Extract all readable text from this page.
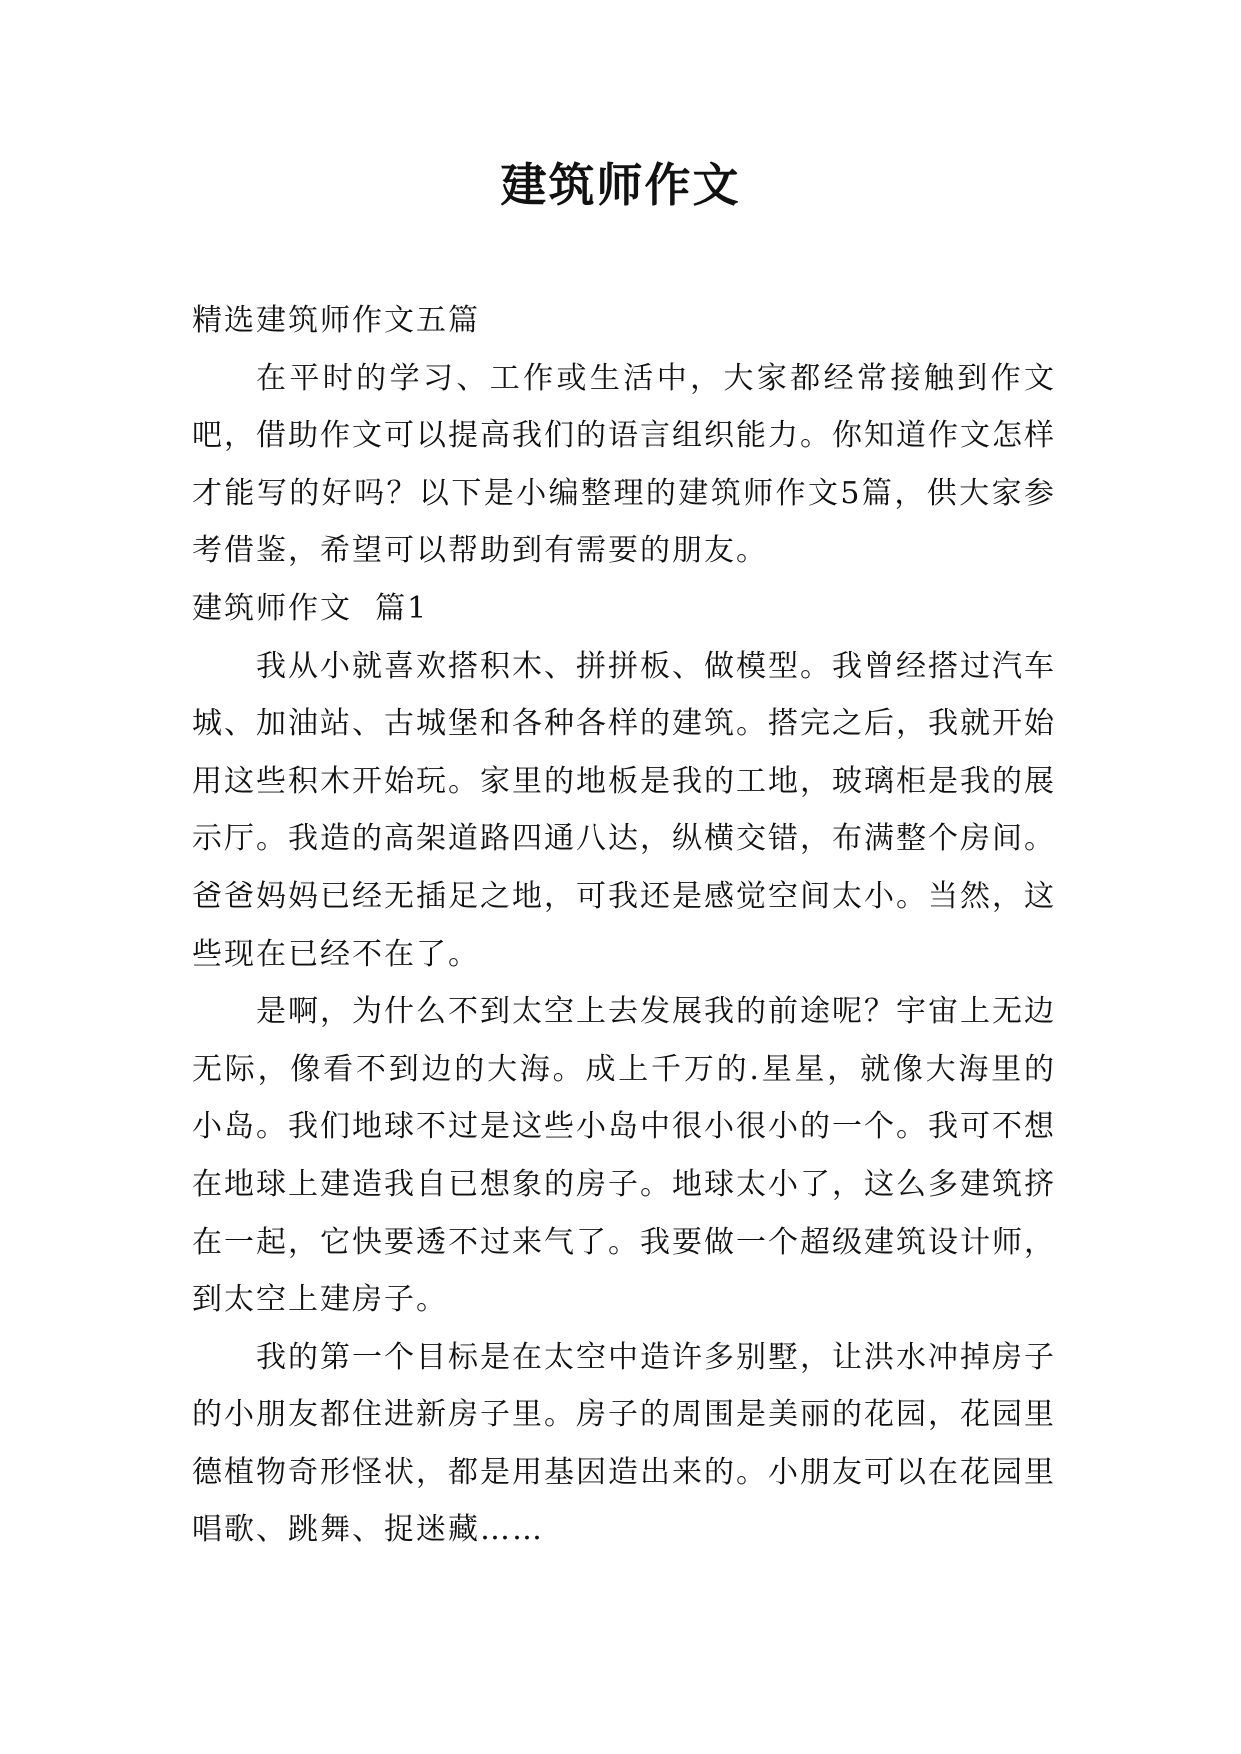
建筑师作文

精选建筑师作文五篇

在平时的学习、工作或生活中，大家都经常接触到作文吧，借助作文可以提高我们的语言组织能力。你知道作文怎样才能写的好吗？以下是小编整理的建筑师作文5篇，供大家参考借鉴，希望可以帮助到有需要的朋友。

建筑师作文  篇1

我从小就喜欢搭积木、拼拼板、做模型。我曾经搭过汽车城、加油站、古城堡和各种各样的建筑。搭完之后，我就开始用这些积木开始玩。家里的地板是我的工地，玻璃柜是我的展示厅。我造的高架道路四通八达，纵横交错，布满整个房间。爸爸妈妈已经无插足之地，可我还是感觉空间太小。当然，这些现在已经不在了。

是啊，为什么不到太空上去发展我的前途呢？宇宙上无边无际，像看不到边的大海。成上千万的.星星，就像大海里的小岛。我们地球不过是这些小岛中很小很小的一个。我可不想在地球上建造我自已想象的房子。地球太小了，这么多建筑挤在一起，它快要透不过来气了。我要做一个超级建筑设计师，到太空上建房子。

我的第一个目标是在太空中造许多别墅，让洪水冲掉房子的小朋友都住进新房子里。房子的周围是美丽的花园，花园里德植物奇形怪状，都是用基因造出来的。小朋友可以在花园里唱歌、跳舞、捉迷藏……
